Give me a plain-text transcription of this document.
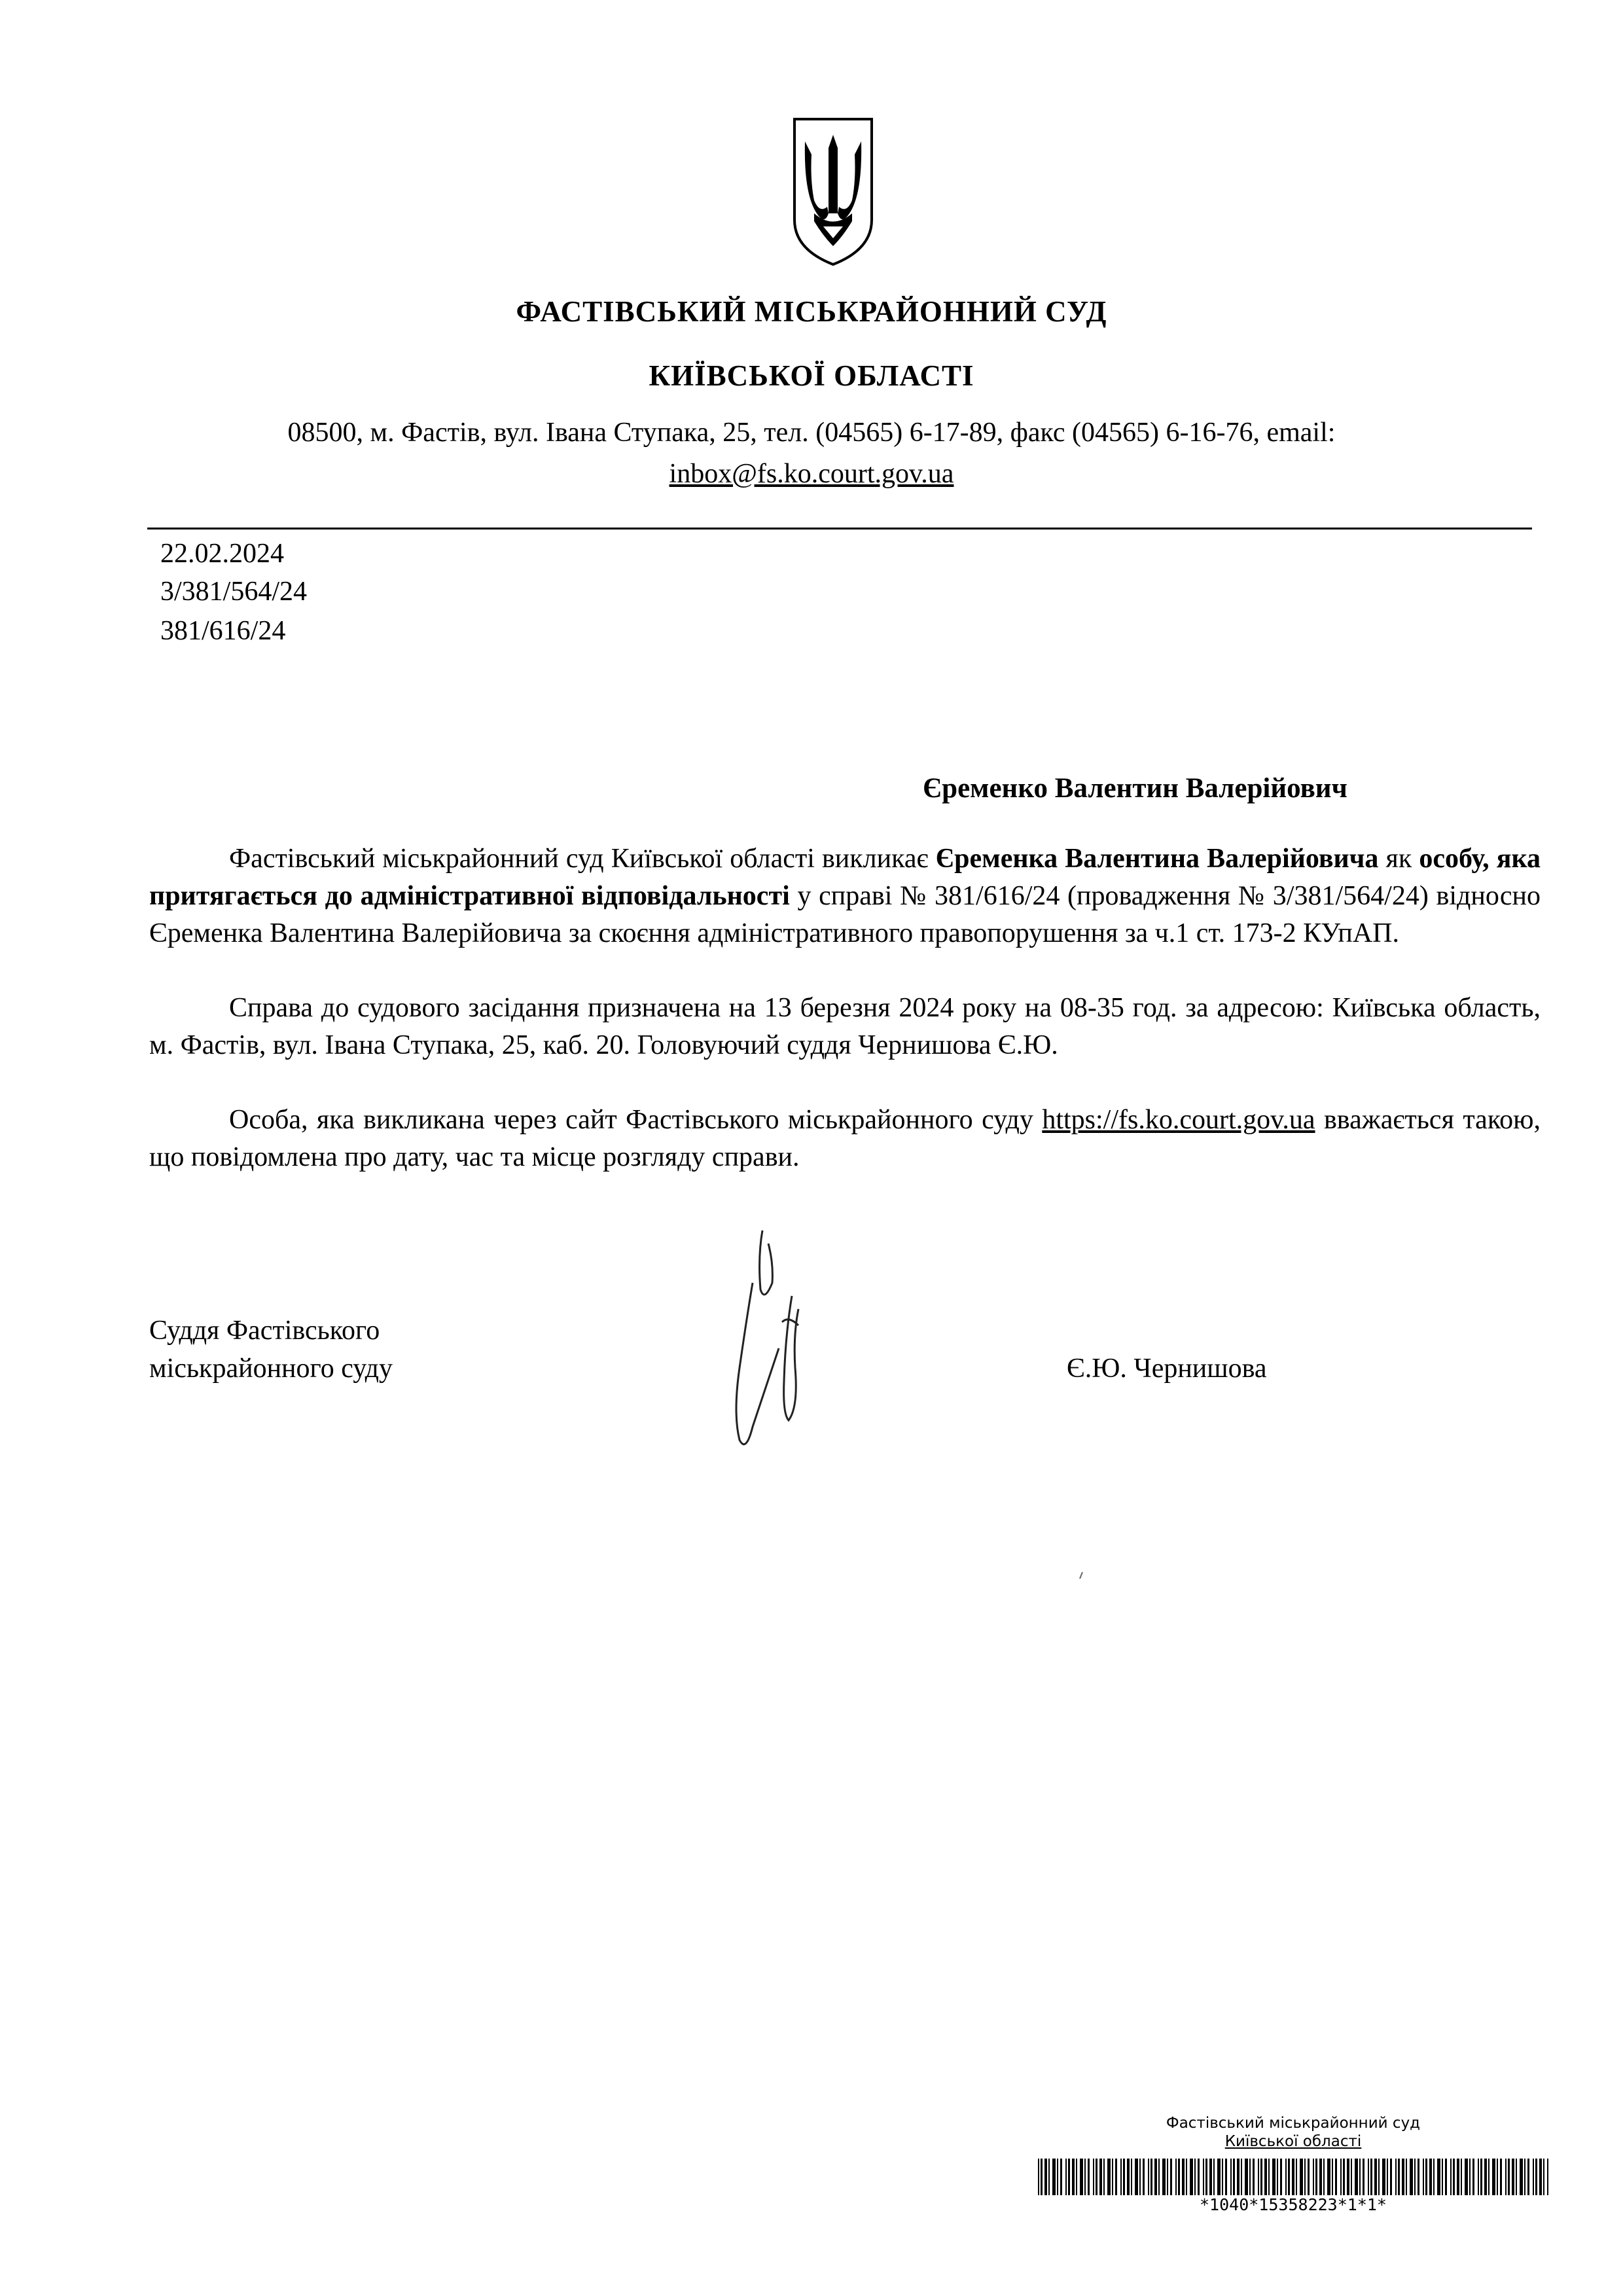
ФАСТІВСЬКИЙ МІСЬКРАЙОННИЙ СУД
КИЇВСЬКОЇ ОБЛАСТІ
08500, м. Фастів, вул. Івана Ступака, 25, тел. (04565) 6-17-89, факс (04565) 6-16-76, email:
inbox@fs.ko.court.gov.ua
22.02.2024
3/381/564/24
381/616/24
Єременко Валентин Валерійович

Фастівський міськрайонний суд Київської області викликає Єременка Валентина Валерійовича як особу, яка притягається до адміністративної відповідальності у справі № 381/616/24 (провадження № 3/381/564/24) відносно Єременка Валентина Валерійовича за скоєння адміністративного правопорушення за ч.1 ст. 173-2 КУпАП.

Справа до судового засідання призначена на 13 березня 2024 року на 08-35 год. за адресою: Київська область, м. Фастів, вул. Івана Ступака, 25, каб. 20. Головуючий суддя Чернишова Є.Ю.

Особа, яка викликана через сайт Фастівського міськрайонного суду https://fs.ko.court.gov.ua вважається такою, що повідомлена про дату, час та місце розгляду справи.

Суддя Фастівського
міськрайонного суду	Є.Ю. Чернишова
Фастівський міськрайонний суд
Київської області
*1040*15358223*1*1*
